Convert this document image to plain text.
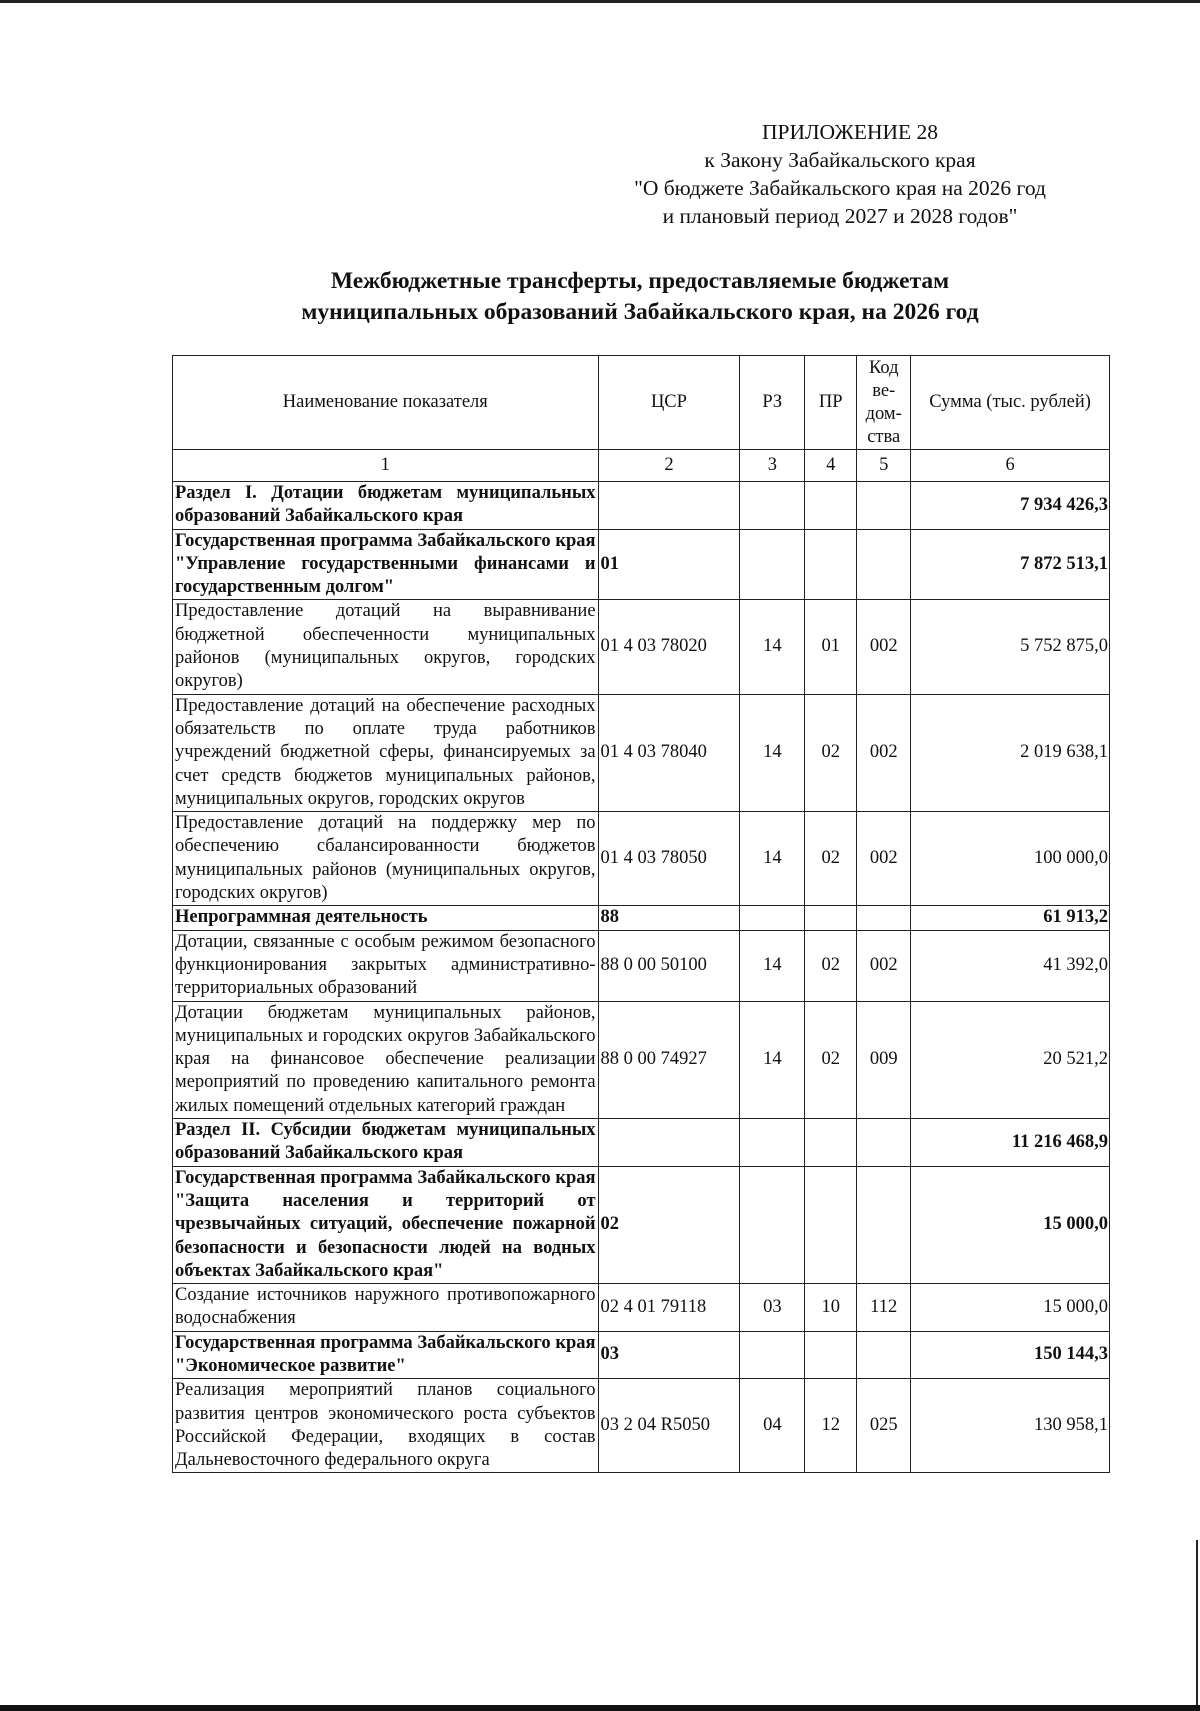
ПРИЛОЖЕНИЕ 28
к Закону Забайкальского края
"О бюджете Забайкальского края на 2026 год
и плановый период 2027 и 2028 годов"
Межбюджетные трансферты, предоставляемые бюджетам
муниципальных образований Забайкальского края, на 2026 год
Наименование показателя	ЦСР	РЗ	ПР	Код ве-дом-ства	Сумма (тыс. рублей)
1	2	3	4	5	6
Раздел I. Дотации бюджетам муниципальных образований Забайкальского края					7 934 426,3
Государственная программа Забайкальского края "Управление государственными финансами и государственным долгом"	01				7 872 513,1
Предоставление дотаций на выравнивание бюджетной обеспеченности муниципальных районов (муниципальных округов, городских округов)	01 4 03 78020	14	01	002	5 752 875,0
Предоставление дотаций на обеспечение расходных обязательств по оплате труда работников учреждений бюджетной сферы, финансируемых за счет средств бюджетов муниципальных районов, муниципальных округов, городских округов	01 4 03 78040	14	02	002	2 019 638,1
Предоставление дотаций на поддержку мер по обеспечению сбалансированности бюджетов муниципальных районов (муниципальных округов, городских округов)	01 4 03 78050	14	02	002	100 000,0
Непрограммная деятельность	88				61 913,2
Дотации, связанные с особым режимом безопасного функционирования закрытых административно-территориальных образований	88 0 00 50100	14	02	002	41 392,0
Дотации бюджетам муниципальных районов, муниципальных и городских округов Забайкальского края на финансовое обеспечение реализации мероприятий по проведению капитального ремонта жилых помещений отдельных категорий граждан	88 0 00 74927	14	02	009	20 521,2
Раздел II. Субсидии бюджетам муниципальных образований Забайкальского края					11 216 468,9
Государственная программа Забайкальского края "Защита населения и территорий от чрезвычайных ситуаций, обеспечение пожарной безопасности и безопасности людей на водных объектах Забайкальского края"	02				15 000,0
Создание источников наружного противопожарного водоснабжения	02 4 01 79118	03	10	112	15 000,0
Государственная программа Забайкальского края "Экономическое развитие"	03				150 144,3
Реализация мероприятий планов социального развития центров экономического роста субъектов Российской Федерации, входящих в состав Дальневосточного федерального округа	03 2 04 R5050	04	12	025	130 958,1
